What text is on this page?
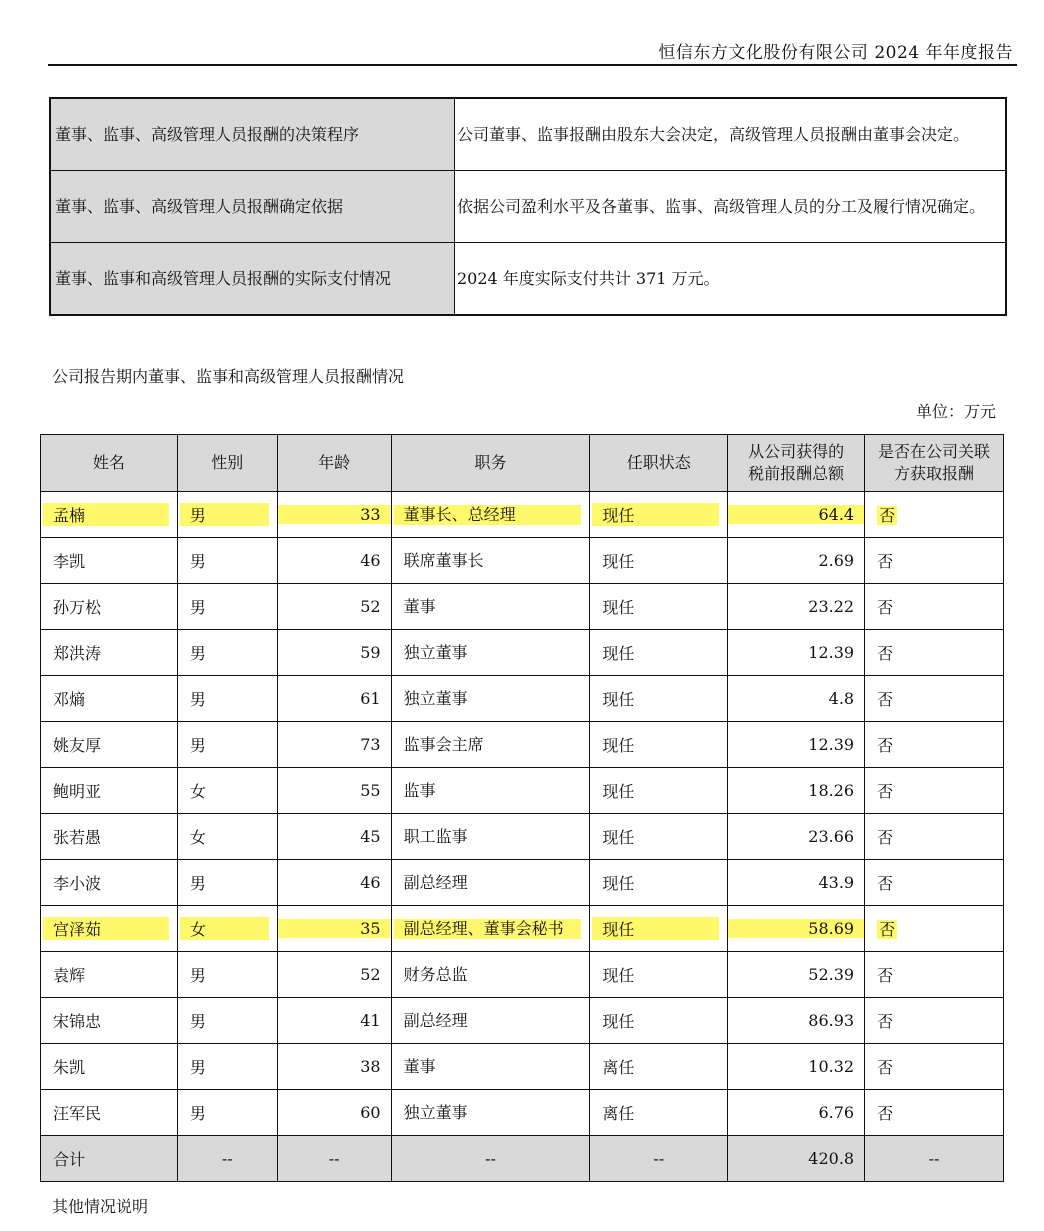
恒信东方文化股份有限公司 2024 年年度报告
董事、监事、高级管理人员报酬的决策程序	公司董事、监事报酬由股东大会决定，高级管理人员报酬由董事会决定。
董事、监事、高级管理人员报酬确定依据	依据公司盈利水平及各董事、监事、高级管理人员的分工及履行情况确定。
董事、监事和高级管理人员报酬的实际支付情况	2024 年度实际支付共计 371 万元。
公司报告期内董事、监事和高级管理人员报酬情况
单位：万元
姓名	性别	年龄	职务	任职状态	从公司获得的税前报酬总额	是否在公司关联方获取报酬

孟楠	男	33	董事长、总经理	现任	64.4	否
李凯	男	46	联席董事长	现任	2.69	否
孙万松	男	52	董事	现任	23.22	否
郑洪涛	男	59	独立董事	现任	12.39	否
邓熵	男	61	独立董事	现任	4.8	否
姚友厚	男	73	监事会主席	现任	12.39	否
鲍明亚	女	55	监事	现任	18.26	否
张若愚	女	45	职工监事	现任	23.66	否
李小波	男	46	副总经理	现任	43.9	否

宫泽茹	女	35	副总经理、董事会秘书	现任	58.69	否
袁辉	男	52	财务总监	现任	52.39	否
宋锦忠	男	41	副总经理	现任	86.93	否
朱凯	男	38	董事	离任	10.32	否
汪军民	男	60	独立董事	离任	6.76	否
合计	--	--	--	--	420.8	--
其他情况说明
